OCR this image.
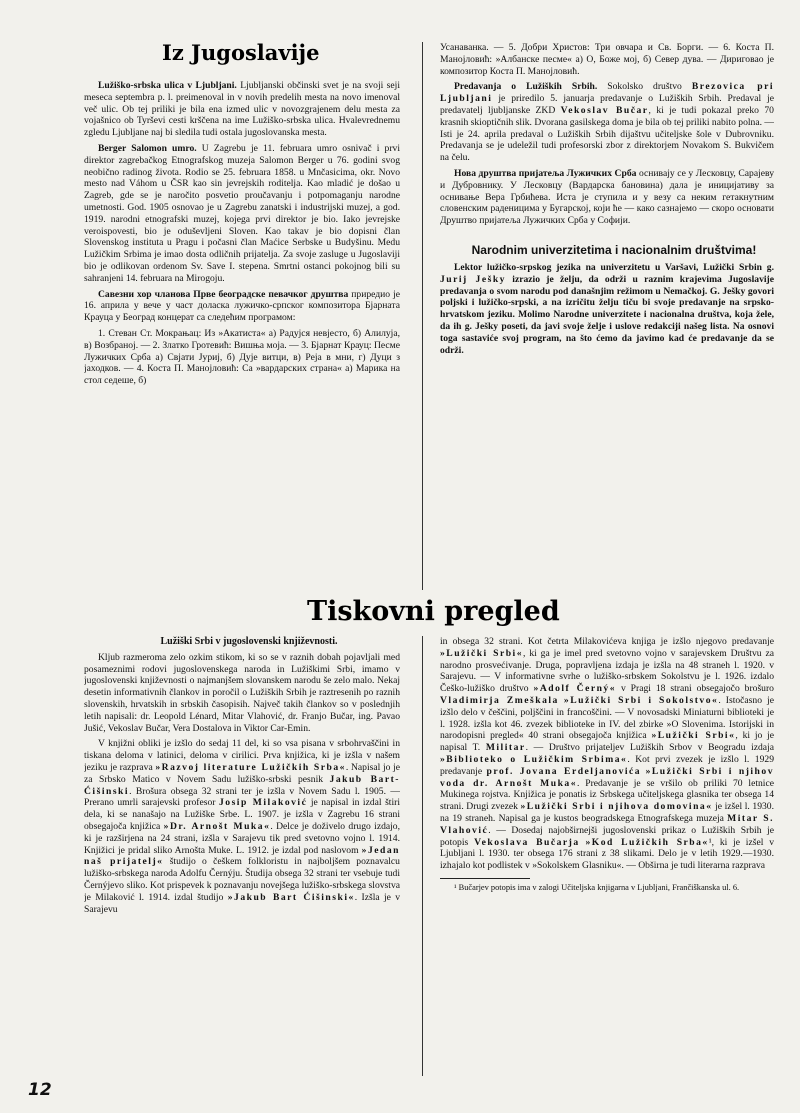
Iz Jugoslavije

Lužiško-srbska ulica v Ljubljani. Ljubljanski občinski svet je na svoji seji meseca septembra p. l. preimenoval in v novih predelih mesta na novo imenoval več ulic. Ob tej priliki je bila ena izmed ulic v novozgrajenem delu mesta za vojašnico ob Tyrševi cesti krščena na ime Lužiško-srbska ulica. Hvalevrednemu zgledu Ljubljane naj bi sledila tudi ostala jugoslovanska mesta.

Berger Salomon umro. U Zagrebu je 11. februara umro osnivač i prvi direktor zagrebačkog Etnografskog muzeja Salomon Berger u 76. godini svog neobično radinog života. Rodio se 25. februara 1858. u Mnčasicima, okr. Novo mesto nad Váhom u ČSR kao sin jevrejskih roditelja. Kao mladić je došao u Zagreb, gde se je naročito posvetio proučavanju i potpomaganju narodne umetnosti. God. 1905 osnovao je u Zagrebu zanatski i industrijski muzej, a god. 1919. narodni etnografski muzej, kojega prvi direktor je bio. Iako jevrejske veroispovesti, bio je oduševljeni Sloven. Kao takav je bio dopisni član Slovenskog instituta u Pragu i počasni član Maćice Serbske u Budyšinu. Medu Lužičkim Srbima je imao dosta odličnih prijatelja. Za svoje zasluge u Jugoslaviji bio je odlikovan ordenom Sv. Save I. stepena. Smrtni ostanci pokojnog bili su sahranjeni 14. februara na Mirogoju.

Савезни хор чланова Прве београдске певачког друштва приредио је 16. априла у вече у част доласка лужичко-српског композитора Бјарната Крауца у Београд концерат са следећим програмом:

1. Стеван Ст. Мокрањац: Из »Акатиста« а) Радујся невјесто, б) Алилуја, в) Возбранoј. — 2. Златко Гротевић: Вишња моја. — 3. Бјарнат Крауц: Песме Лужичких Срба а) Свјати Јуриј, б) Дује витци, в) Реја в мни, г) Дуци з јаходков. — 4. Коста П. Манојловић: Са »вардарских страна« а) Марика на стол седеше, б)

Усанаванка. — 5. Добри Христов: Три овчара и Св. Борги. — 6. Коста П. Манојловић: »Албанске песме« а) О, Боже мој, б) Север дува. — Дириговао је композитор Коста П. Манојловић.

Predavanja o Lužiških Srbih. Sokolsko društvo Brezovica pri Ljubljani je priredilo 5. januarja predavanje o Lužiških Srbih. Predaval je predavatelj ljubljanske ZKD Vekoslav Bučar, ki je tudi pokazal preko 70 krasnih skioptičnih slik. Dvorana gasilskega doma je bila ob tej priliki nabito polna. — Isti je 24. aprila predaval o Lužiških Srbih dijaštvu učiteljske šole v Dubrovniku. Predavanja se je udeležil tudi profesorski zbor z direktorjem Novakom S. Bukvičem na čelu.

Нова друштва пријатеља Лужичких Срба оснивају се у Лесковцу, Сарајеву и Дубровнику. У Лесковцу (Вардарска бановина) дала је иницијативу за оснивање Вера Грбићева. Иста је ступила и у везу са неким гетакнутним словенским рaденицима у Бугарској, који ће — како сазнајемо — скоро основати Друштво пријатеља Лужичких Срба у Софији.

Narodnim univerzitetima i nacionalnim društvima!

Lektor lužičko-srpskog jezika na univerzitetu u Varšavi, Lužički Srbin g. Jurij Ješky izrazio je želju, da održi u raznim krajevima Jugoslavije predavanja o svom narodu pod današnjim režimom u Nemačkoj. G. Ješky govori poljski i lužičko-srpski, a na izričitu želju tiču bi svoje predavanje na srpsko-hrvatskom jeziku. Molimo Narodne univerzitete i nacionalna društva, koja žele, da ih g. Ješky poseti, da javi svoje želje i uslove redakciji našeg lista. Na osnovi toga sastaviće svoj program, na što ćemo da javimo kad će predavanje da se održi.

Tiskovni pregled

Lužiški Srbi v jugoslovenski književnosti.

Kljub razmeroma zelo ozkim stikom, ki so se v raznih dobah pojavljali med posameznimi rodovi jugoslovenskega naroda in Lužiškimi Srbi, imamo v jugoslovenski književnosti o najmanjšem slovanskem narodu še zelo malo. Nekaj desetin informativnih člankov in poročil o Lužiških Srbih je raztresenih po raznih slovenskih, hrvatskih in srbskih časopisih. Največ takih člankov so v poslednjih letih napisali: dr. Leopold Lénard, Mitar Vlahović, dr. Franjo Bučar, ing. Pavao Jušić, Vekoslav Bučar, Vera Dostalova in Viktor Car-Emin.

V knjižni obliki je izšlo do sedaj 11 del, ki so vsa pisana v srbohrvaščini in tiskana deloma v latinici, deloma v cirilici. Prva knjižica, ki je izšla v našem jeziku je razprava »Razvoj literature Lužičkih Srba«. Napisal jo je za Srbsko Matico v Novem Sadu lužiško-srbski pesnik Jakub Bart-Ćišinski. Brošura obsega 32 strani ter je izšla v Novem Sadu l. 1905. — Prerano umrli sarajevski profesor Josip Milaković je napisal in izdal štiri dela, ki se nanašajo na Lužiške Srbe. L. 1907. je izšla v Zagrebu 16 strani obsegajoča knjižica »Dr. Arnošt Muka«. Delce je doživelo drugo izdajo, ki je razširjena na 24 strani, izšla v Sarajevu tik pred svetovno vojno l. 1914. Knjižici je pridal sliko Arnošta Muke. L. 1912. je izdal pod naslovom »Jedan naš prijatelj« študijo o češkem folkloristu in najboljšem poznavalcu lužiško-srbskega naroda Adolfu Černýju. Študija obsega 32 strani ter vsebuje tudi Černýjevo sliko. Kot prispevek k poznavanju novejšega lužiško-srbskega slovstva je Milaković l. 1914. izdal študijo »Jakub Bart Ćišinski«. Izšla je v Sarajevu

in obsega 32 strani. Kot četrta Milakovićeva knjiga je izšlo njegovo predavanje »Lužički Srbi«, ki ga je imel pred svetovno vojno v sarajevskem Društvu za narodno prosvećivanje. Druga, popravljena izdaja je izšla na 48 straneh l. 1920. v Sarajevu. — V informativne svrhe o lužiško-srbskem Sokolstvu je l. 1926. izdalo Češko-lužiško društvo »Adolf Černý« v Pragi 18 strani obsegajočo brošuro Vladimirja Zmeškala »Lužički Srbi i Sokolstvo«. Istočasno je izšlo delo v češčini, poljščini in francoščini. — V novosadski Miniaturni biblioteki je l. 1928. izšla kot 46. zvezek biblioteke in IV. del zbirke »O Slovenima. Istorijski in narodopisni pregled« 40 strani obsegajoča knjižica »Lužički Srbi«, ki jo je napisal T. Militar. — Društvo prijateljev Lužiških Srbov v Beogradu izdaja »Biblioteko o Lužičkim Srbima«. Kot prvi zvezek je izšlo l. 1929 predavanje prof. Jovana Erdeljanovića »Lužički Srbi i njihov voda dr. Arnošt Muka«. Predavanje je se vršilo ob priliki 70 letnice Mukinega rojstva. Knjižica je ponatis iz Srbskega učiteljskega glasnika ter obsega 14 strani. Drugi zvezek »Lužički Srbi i njihova domovina« je izšel l. 1930. na 19 straneh. Napisal ga je kustos beogradskega Etnografskega muzeja Mitar S. Vlahović. — Dosedaj najobširnejši jugoslovenski prikaz o Lužiških Srbih je potopis Vekoslava Bučarja »Kod Lužičkih Srba«¹, ki je izšel v Ljubljani l. 1930. ter obsega 176 strani z 38 slikami. Delo je v letih 1929.—1930. izhajalo kot podlistek v »Sokolskem Glasniku«. — Obširna je tudi literarna razprava

¹ Bučarjev potopis ima v zalogi Učiteljska knjigarna v Ljubljani, Frančiškanska ul. 6.

12
